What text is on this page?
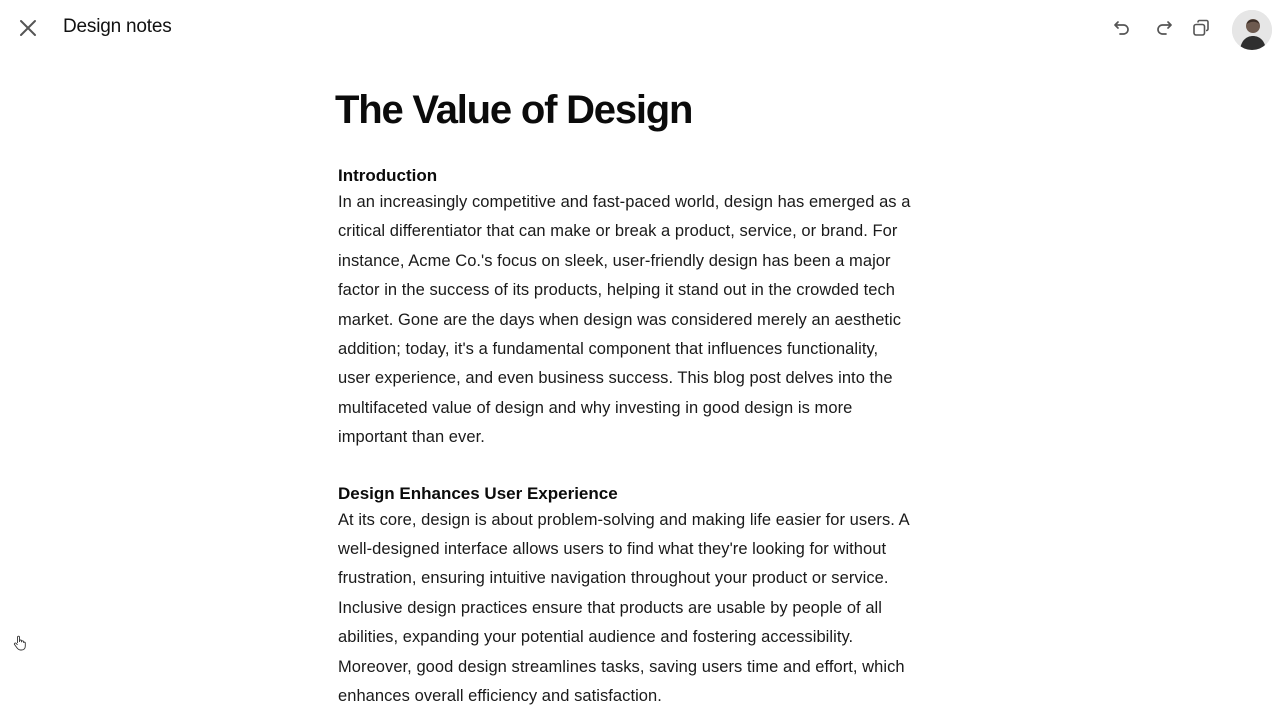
Design notes
The Value of Design
Introduction
In an increasingly competitive and fast-paced world, design has emerged as a
critical differentiator that can make or break a product, service, or brand. For
instance, Acme Co.'s focus on sleek, user-friendly design has been a major
factor in the success of its products, helping it stand out in the crowded tech
market. Gone are the days when design was considered merely an aesthetic
addition; today, it's a fundamental component that influences functionality,
user experience, and even business success. This blog post delves into the
multifaceted value of design and why investing in good design is more
important than ever.
Design Enhances User Experience
At its core, design is about problem-solving and making life easier for users. A
well-designed interface allows users to find what they're looking for without
frustration, ensuring intuitive navigation throughout your product or service.
Inclusive design practices ensure that products are usable by people of all
abilities, expanding your potential audience and fostering accessibility.
Moreover, good design streamlines tasks, saving users time and effort, which
enhances overall efficiency and satisfaction.
